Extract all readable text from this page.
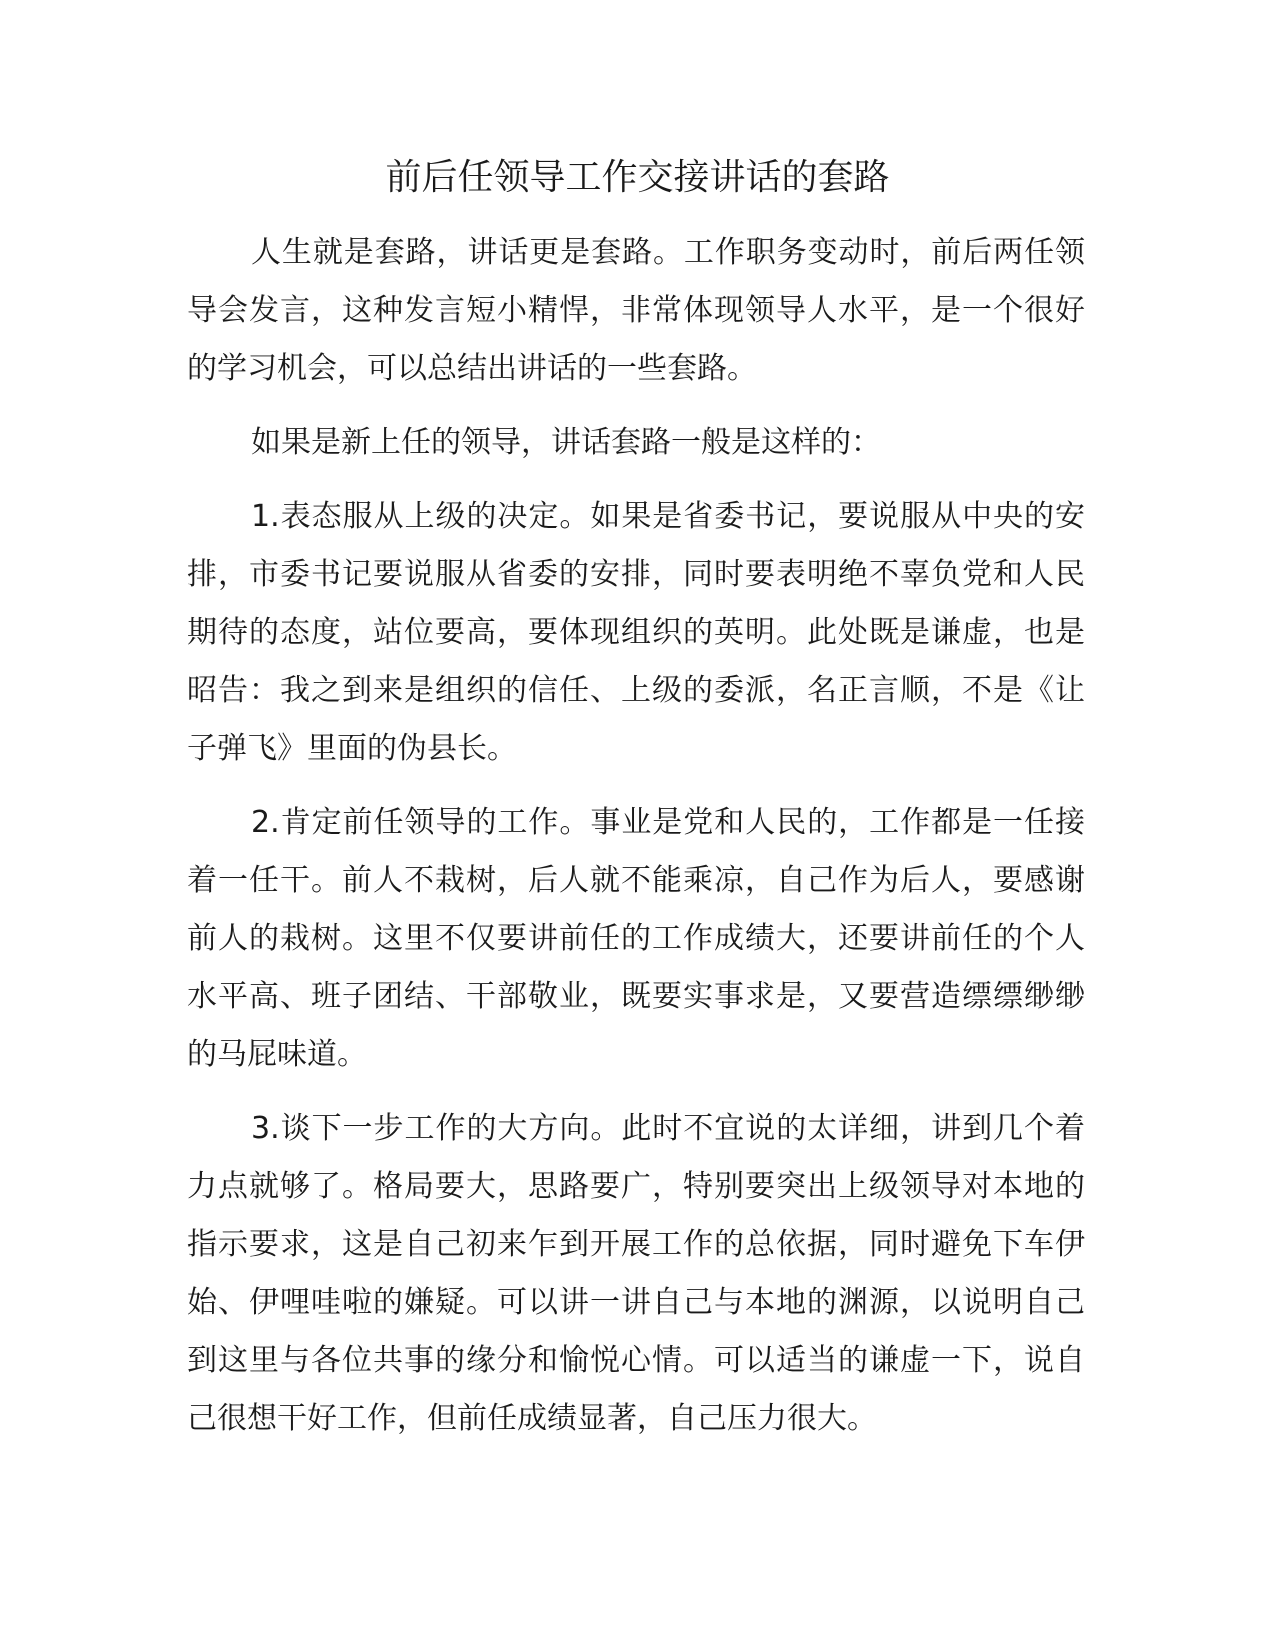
前后任领导工作交接讲话的套路

人生就是套路，讲话更是套路。工作职务变动时，前后两任领导会发言，这种发言短小精悍，非常体现领导人水平，是一个很好的学习机会，可以总结出讲话的一些套路。

如果是新上任的领导，讲话套路一般是这样的：

1.表态服从上级的决定。如果是省委书记，要说服从中央的安排，市委书记要说服从省委的安排，同时要表明绝不辜负党和人民期待的态度，站位要高，要体现组织的英明。此处既是谦虚，也是昭告：我之到来是组织的信任、上级的委派，名正言顺，不是《让子弹飞》里面的伪县长。

2.肯定前任领导的工作。事业是党和人民的，工作都是一任接着一任干。前人不栽树，后人就不能乘凉，自己作为后人，要感谢前人的栽树。这里不仅要讲前任的工作成绩大，还要讲前任的个人水平高、班子团结、干部敬业，既要实事求是，又要营造缥缥缈缈的马屁味道。

3.谈下一步工作的大方向。此时不宜说的太详细，讲到几个着力点就够了。格局要大，思路要广，特别要突出上级领导对本地的指示要求，这是自己初来乍到开展工作的总依据，同时避免下车伊始、伊哩哇啦的嫌疑。可以讲一讲自己与本地的渊源，以说明自己到这里与各位共事的缘分和愉悦心情。可以适当的谦虚一下，说自己很想干好工作，但前任成绩显著，自己压力很大。
